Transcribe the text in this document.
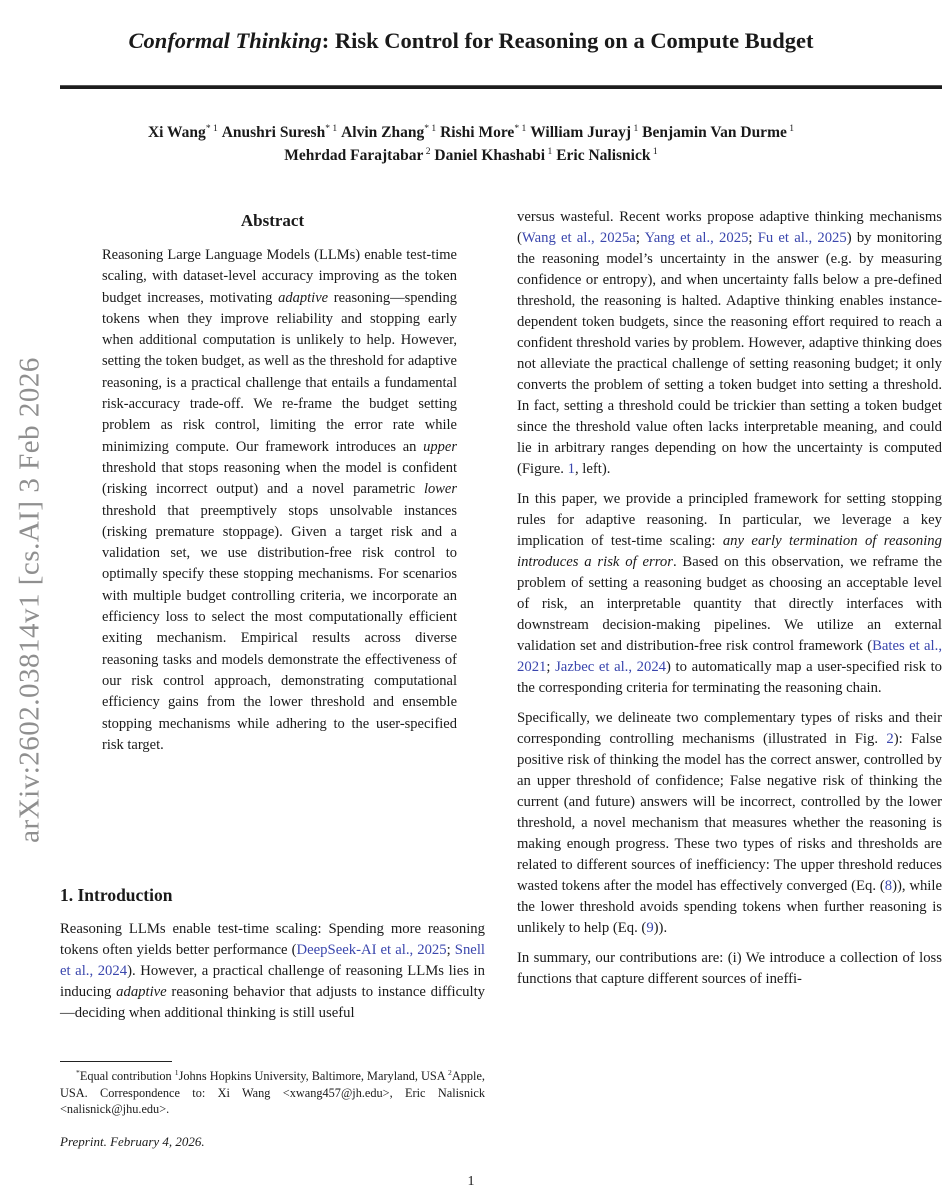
arXiv:2602.03814v1 [cs.AI] 3 Feb 2026
Conformal Thinking: Risk Control for Reasoning on a Compute Budget
Xi Wang$^{* 1}$ Anushri Suresh$^{* 1}$ Alvin Zhang$^{* 1}$ Rishi More$^{* 1}$ William Jurayj $^1$ Benjamin Van Durme $^1$
Mehrdad Farajtabar $^2$ Daniel Khashabi $^1$ Eric Nalisnick $^1$
Abstract
Reasoning Large Language Models (LLMs) enable test-time scaling, with dataset-level accuracy improving as the token budget increases, motivating adaptive reasoning—spending tokens when they improve reliability and stopping early when additional computation is unlikely to help. However, setting the token budget, as well as the threshold for adaptive reasoning, is a practical challenge that entails a fundamental risk-accuracy trade-off. We re-frame the budget setting problem as risk control, limiting the error rate while minimizing compute. Our framework introduces an upper threshold that stops reasoning when the model is confident (risking incorrect output) and a novel parametric lower threshold that preemptively stops unsolvable instances (risking premature stoppage). Given a target risk and a validation set, we use distribution-free risk control to optimally specify these stopping mechanisms. For scenarios with multiple budget controlling criteria, we incorporate an efficiency loss to select the most computationally efficient exiting mechanism. Empirical results across diverse reasoning tasks and models demonstrate the effectiveness of our risk control approach, demonstrating computational efficiency gains from the lower threshold and ensemble stopping mechanisms while adhering to the user-specified risk target.
1. Introduction
Reasoning LLMs enable test-time scaling: Spending more reasoning tokens often yields better performance (DeepSeek-AI et al., 2025; Snell et al., 2024). However, a practical challenge of reasoning LLMs lies in inducing adaptive reasoning behavior that adjusts to instance difficulty—deciding when additional thinking is still useful
*Equal contribution $^1$Johns Hopkins University, Baltimore, Maryland, USA $^2$Apple, USA. Correspondence to: Xi Wang <xwang457@jh.edu>, Eric Nalisnick <nalisnick@jhu.edu>.
Preprint. February 4, 2026.

versus wasteful. Recent works propose adaptive thinking mechanisms (Wang et al., 2025a; Yang et al., 2025; Fu et al., 2025) by monitoring the reasoning model’s uncertainty in the answer (e.g. by measuring confidence or entropy), and when uncertainty falls below a pre-defined threshold, the reasoning is halted. Adaptive thinking enables instance-dependent token budgets, since the reasoning effort required to reach a confident threshold varies by problem. However, adaptive thinking does not alleviate the practical challenge of setting reasoning budget; it only converts the problem of setting a token budget into setting a threshold. In fact, setting a threshold could be trickier than setting a token budget since the threshold value often lacks interpretable meaning, and could lie in arbitrary ranges depending on how the uncertainty is computed (Figure. 1, left).

In this paper, we provide a principled framework for setting stopping rules for adaptive reasoning. In particular, we leverage a key implication of test-time scaling: any early termination of reasoning introduces a risk of error. Based on this observation, we reframe the problem of setting a reasoning budget as choosing an acceptable level of risk, an interpretable quantity that directly interfaces with downstream decision-making pipelines. We utilize an external validation set and distribution-free risk control framework (Bates et al., 2021; Jazbec et al., 2024) to automatically map a user-specified risk to the corresponding criteria for terminating the reasoning chain.

Specifically, we delineate two complementary types of risks and their corresponding controlling mechanisms (illustrated in Fig. 2): False positive risk of thinking the model has the correct answer, controlled by an upper threshold of confidence; False negative risk of thinking the current (and future) answers will be incorrect, controlled by the lower threshold, a novel mechanism that measures whether the reasoning is making enough progress. These two types of risks and thresholds are related to different sources of inefficiency: The upper threshold reduces wasted tokens after the model has effectively converged (Eq. (8)), while the lower threshold avoids spending tokens when further reasoning is unlikely to help (Eq. (9)).

In summary, our contributions are: (i) We introduce a collection of loss functions that capture different sources of ineffi-

1
